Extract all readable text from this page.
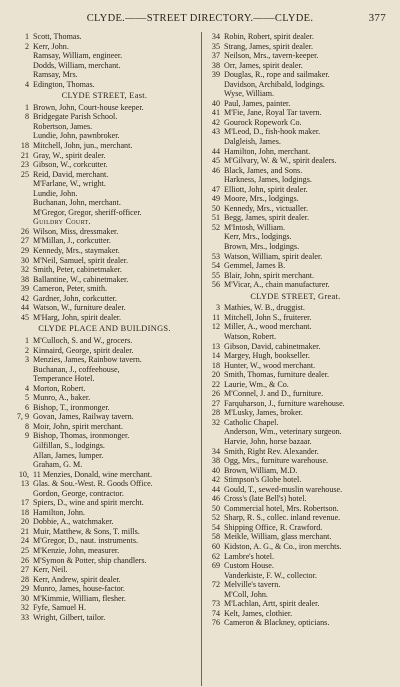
CLYDE.——STREET DIRECTORY.——CLYDE.	377
1 Scott, Thomas.
2 Kerr, John.
Ramsay, William, engineer.
Dodds, William, merchant.
Ramsay, Mrs.
4 Edington, Thomas.
CLYDE STREET, East.
1 Brown, John, Court-house keeper.
8 Bridgegate Parish School.
Robertson, James.
Lundie, John, pawnbroker.
18 Mitchell, John, jun., merchant.
21 Gray, W., spirit dealer.
23 Gibson, W., corkcutter.
25 Reid, David, merchant.
M'Farlane, W., wright.
Lundie, John.
Buchanan, John, merchant.
M'Gregor, Gregor, sheriff-officer.
Guildry Court.
26 Wilson, Miss, dressmaker.
27 M'Millan, J., corkcutter.
29 Kennedy, Mrs., staymaker.
30 M'Neil, Samuel, spirit dealer.
32 Smith, Peter, cabinetmaker.
38 Ballantine, W., cabinetmaker.
39 Cameron, Peter, smith.
42 Gardner, John, corkcutter.
44 Watson, W., furniture dealer.
45 M'Harg, John, spirit dealer.
CLYDE PLACE AND BUILDINGS.
1 M'Culloch, S. and W., grocers.
2 Kinnaird, George, spirit dealer.
3 Menzies, James, Rainbow tavern.
Buchanan, J., coffeehouse,
Temperance Hotel.
4 Morton, Robert.
5 Munro, A., baker.
6 Bishop, T., ironmonger.
7, 9 Govan, James, Railway tavern.
8 Moir, John, spirit merchant.
9 Bishop, Thomas, ironmonger.
Gilfillan, S., lodgings.
Allan, James, lumper.
Graham, G. M.
10, 11 Menzies, Donald, wine merchant.
13 Glas. & Sou.-West. R. Goods Office.
Gordon, George, contractor.
17 Spiers, D., wine and spirit mercht.
18 Hamilton, John.
20 Dobbie, A., watchmaker.
21 Muir, Matthew, & Sons, T. mills.
24 M'Gregor, D., naut. instruments.
25 M'Kenzie, John, measurer.
26 M'Symon & Potter, ship chandlers.
27 Kerr, Neil.
28 Kerr, Andrew, spirit dealer.
29 Munro, James, house-factor.
30 M'Kimmie, William, flesher.
32 Fyfe, Samuel H.
33 Wright, Gilbert, tailor.
34 Robin, Robert, spirit dealer.
35 Strang, James, spirit dealer.
37 Neilson, Mrs., tavern-keeper.
38 Orr, James, spirit dealer.
39 Douglas, R., rope and sailmaker.
Davidson, Archibald, lodgings.
Wyse, William.
40 Paul, James, painter.
41 M'Fie, Jane, Royal Tar tavern.
42 Gourock Ropework Co.
43 M'Leod, D., fish-hook maker.
Dalgleish, James.
44 Hamilton, John, merchant.
45 M'Gilvary, W. & W., spirit dealers.
46 Black, James, and Sons.
Harkness, James, lodgings.
47 Elliott, John, spirit dealer.
49 Moore, Mrs., lodgings.
50 Kennedy, Mrs., victualler.
51 Begg, James, spirit dealer.
52 M'Intosh, William.
Kerr, Mrs., lodgings.
Brown, Mrs., lodgings.
53 Watson, William, spirit dealer.
54 Gemmel, James B.
55 Blair, John, spirit merchant.
56 M'Vicar, A., chain manufacturer.
CLYDE STREET, Great.
3 Mathies, W. B., druggist.
11 Mitchell, John S., fruiterer.
12 Miller, A., wood merchant.
Watson, Robert.
13 Gibson, David, cabinetmaker.
14 Margey, Hugh, bookseller.
18 Hunter, W., wood merchant.
20 Smith, Thomas, furniture dealer.
22 Laurie, Wm., & Co.
26 M'Connel, J. and D., furniture.
27 Farquharson, J., furniture warehouse.
28 M'Lusky, James, broker.
32 Catholic Chapel.
Anderson, Wm., veterinary surgeon.
Harvie, John, horse bazaar.
34 Smith, Right Rev. Alexander.
38 Ogg, Mrs., furniture warehouse.
40 Brown, William, M.D.
42 Stimpson's Globe hotel.
44 Gould, T., sewed-muslin warehouse.
46 Cross's (late Bell's) hotel.
50 Commercial hotel, Mrs. Robertson.
52 Sharp, R. S., collec. inland revenue.
54 Shipping Office, R. Crawford.
58 Meikle, William, glass merchant.
60 Kidston, A. G., & Co., iron merchts.
62 Lambre's hotel.
69 Custom House.
Vanderkiste, F. W., collector.
72 Melville's tavern.
M'Coll, John.
73 M'Lachlan, Artt, spirit dealer.
74 Kelt, James, clothier.
76 Cameron & Blackney, opticians.
